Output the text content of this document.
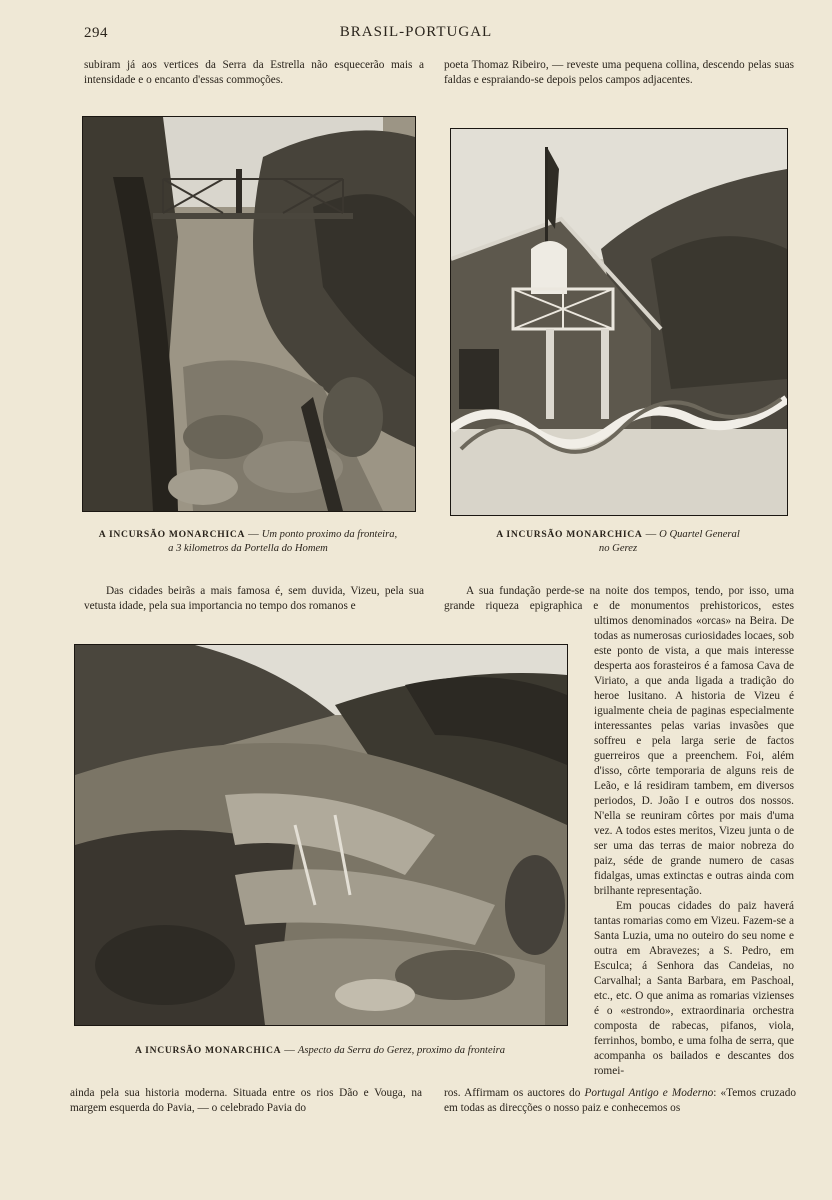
294	BRASIL-PORTUGAL

subiram já aos vertices da Serra da Estrella não esquecerão mais a intensidade e o encanto d'essas commoções.

poeta Thomaz Ribeiro, — reveste uma pequena collina, descendo pelas suas faldas e espraiando-se depois pelos campos adjacentes.

A INCURSÃO MONARCHICA — Um ponto proximo da fronteira,
a 3 kilometros da Portella do Homem
A INCURSÃO MONARCHICA — O Quartel General
no Gerez

Das cidades beirãs a mais famosa é, sem duvida, Vizeu, pela sua vetusta idade, pela sua importancia no tempo dos romanos e

A sua fundação perde-se na noite dos tempos, tendo, por isso, uma

grande riqueza epigraphica e de monumentos prehistoricos, estes

A INCURSÃO MONARCHICA — Aspecto da Serra do Gerez, proximo da fronteira

ultimos denominados «orcas» na Beira. De todas as numerosas curiosidades locaes, sob este ponto de vista, a que mais interesse desperta aos forasteiros é a famosa Cava de Viriato, a que anda ligada a tradição do heroe lusitano. A historia de Vizeu é igualmente cheia de paginas especialmente interessantes pelas varias invasões que soffreu e pela larga serie de factos guerreiros que a preenchem. Foi, além d'isso, côrte temporaria de alguns reis de Leão, e lá residiram tambem, em diversos periodos, D. João I e outros dos nossos. N'ella se reuniram côrtes por mais d'uma vez. A todos estes meritos, Vizeu junta o de ser uma das terras de maior nobreza do paiz, séde de grande numero de casas fidalgas, umas extinctas e outras ainda com brilhante representação.

Em poucas cidades do paiz haverá tantas romarias como em Vizeu. Fazem-se a Santa Luzia, uma no outeiro do seu nome e outra em Abravezes; a S. Pedro, em Esculca; á Senhora das Candeias, no Carvalhal; a Santa Barbara, em Paschoal, etc., etc. O que anima as romarias vizienses é o «estrondo», extraordinaria orchestra composta de rabecas, pifanos, viola, ferrinhos, bombo, e uma folha de serra, que acompanha os bailados e descantes dos romei-

ainda pela sua historia moderna. Situada entre os rios Dão e Vouga, na margem esquerda do Pavia, — o celebrado Pavia do

ros. Affirmam os auctores do Portugal Antigo e Moderno: «Temos cruzado em todas as direcções o nosso paiz e conhecemos os
